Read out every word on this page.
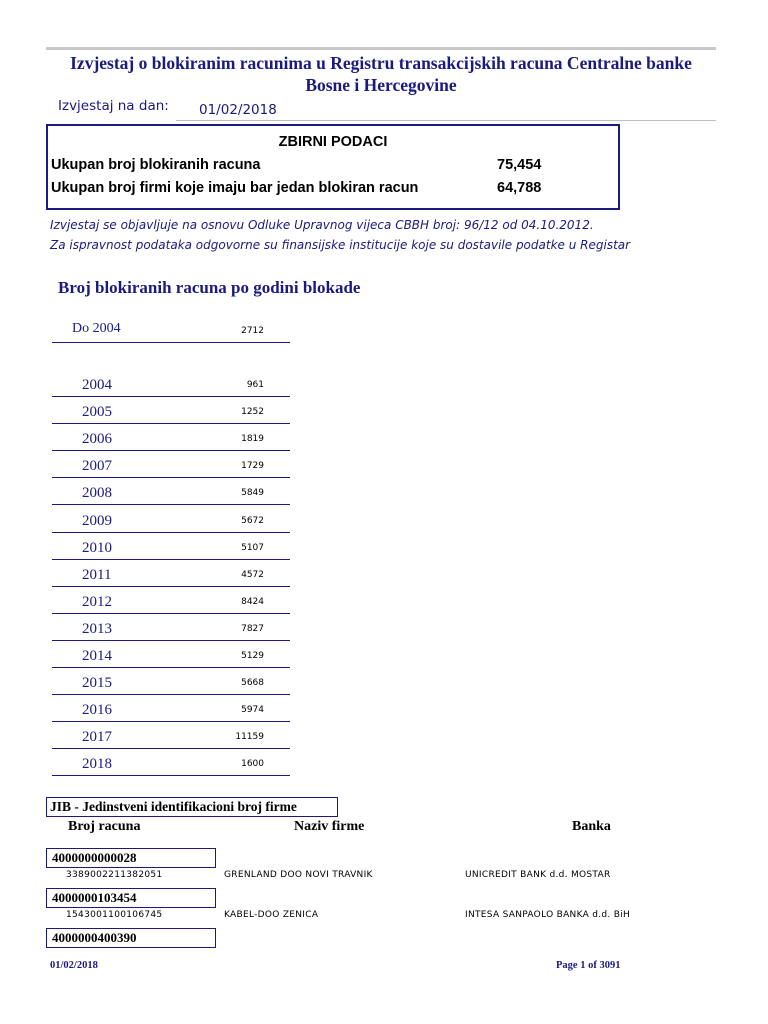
Izvjestaj o blokiranim racunima u Registru transakcijskih racuna Centralne banke Bosne i Hercegovine
Izvjestaj na dan: 01/02/2018
ZBIRNI PODACI
Ukupan broj blokiranih racuna	75,454
Ukupan broj firmi koje imaju bar jedan blokiran racun	64,788
Izvjestaj se objavljuje na osnovu Odluke Upravnog vijeca CBBH broj: 96/12 od 04.10.2012.
Za ispravnost podataka odgovorne su finansijske institucije koje su dostavile podatke u Registar
Broj blokiranih racuna po godini blokade
Do 2004	2712
2004	961
2005	1252
2006	1819
2007	1729
2008	5849
2009	5672
2010	5107
2011	4572
2012	8424
2013	7827
2014	5129
2015	5668
2016	5974
2017	11159
2018	1600
JIB - Jedinstveni identifikacioni broj firme
Broj racuna	Naziv firme	Banka
4000000000028
3389002211382051	GRENLAND DOO NOVI TRAVNIK	UNICREDIT BANK d.d. MOSTAR
4000000103454
1543001100106745	KABEL-DOO ZENICA	INTESA SANPAOLO BANKA d.d. BiH
4000000400390
01/02/2018	Page 1 of 3091
